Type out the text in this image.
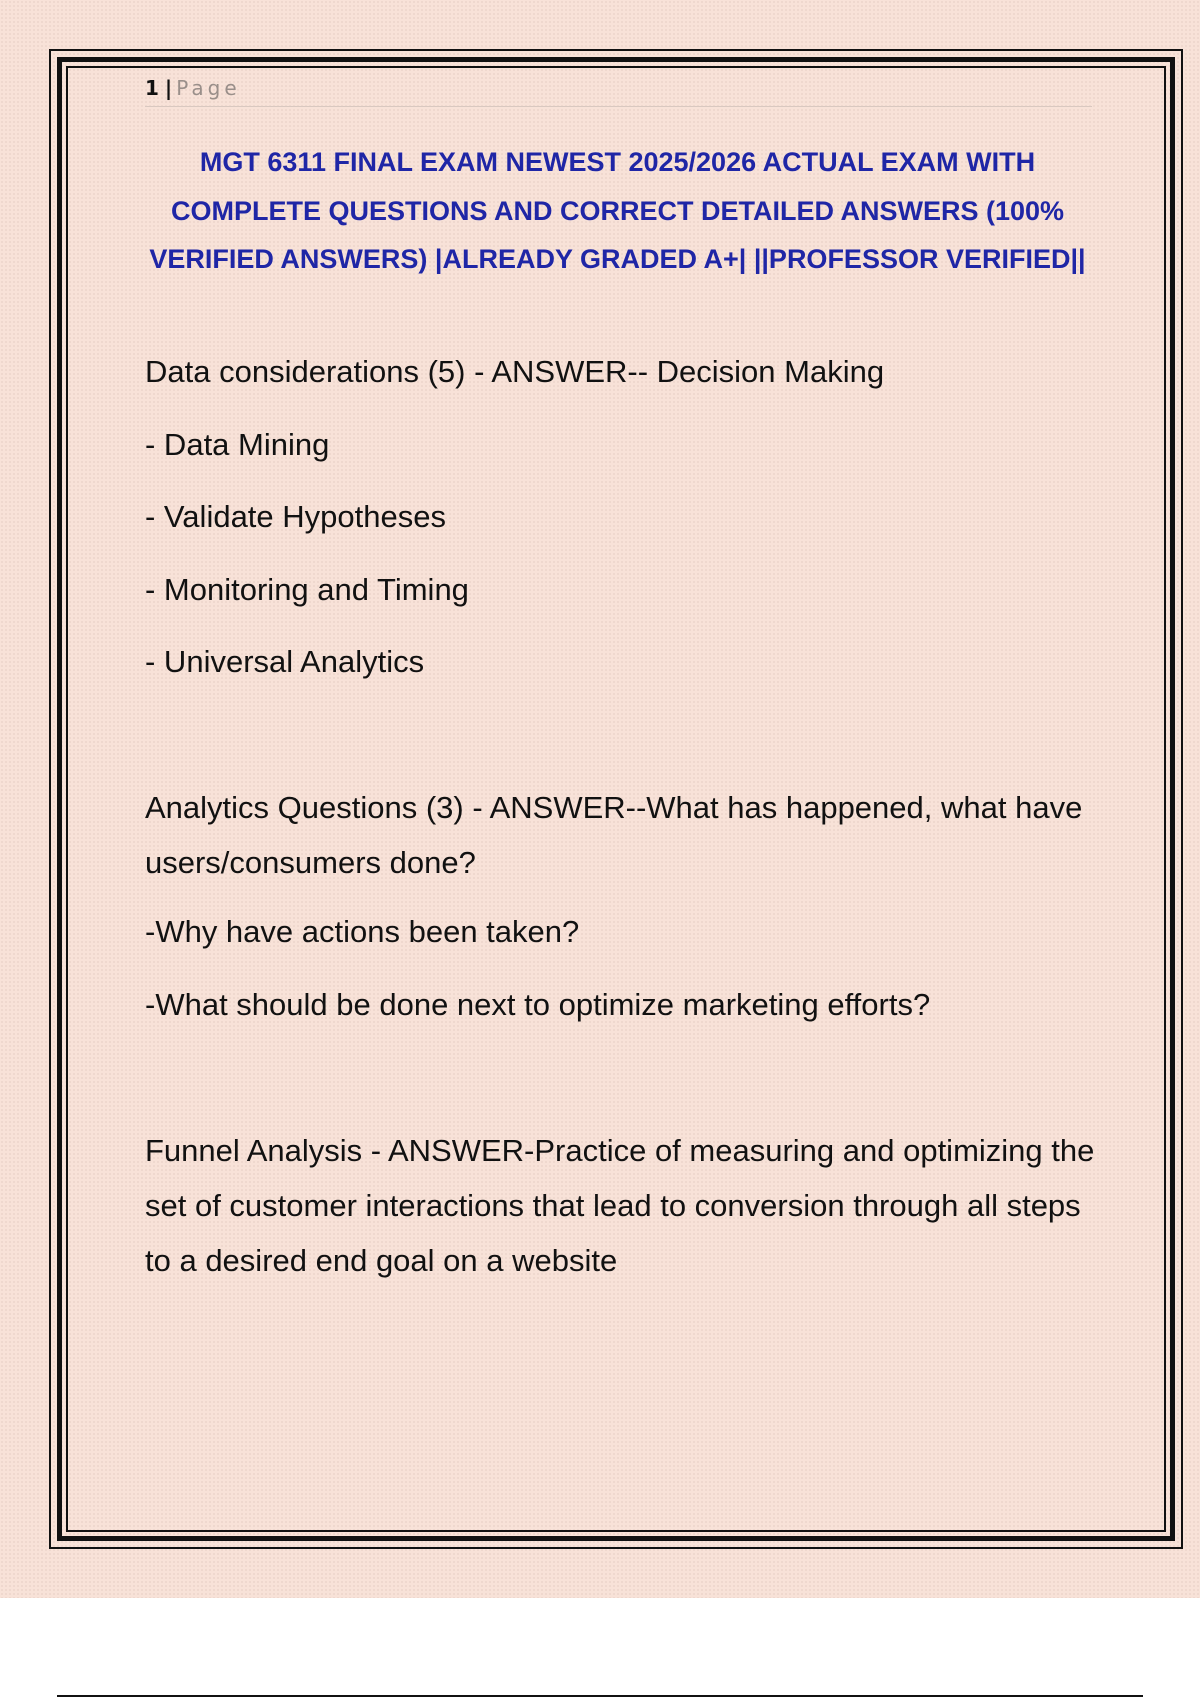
1 | Page
MGT 6311 FINAL EXAM NEWEST 2025/2026 ACTUAL EXAM WITH COMPLETE QUESTIONS AND CORRECT DETAILED ANSWERS (100% VERIFIED ANSWERS) |ALREADY GRADED A+| ||PROFESSOR VERIFIED||

Data considerations (5) - ANSWER-- Decision Making

- Data Mining

- Validate Hypotheses

- Monitoring and Timing

- Universal Analytics

Analytics Questions (3) - ANSWER--What has happened, what have users/consumers done?

-Why have actions been taken?

-What should be done next to optimize marketing efforts?

Funnel Analysis - ANSWER-Practice of measuring and optimizing the set of customer interactions that lead to conversion through all steps to a desired end goal on a website
